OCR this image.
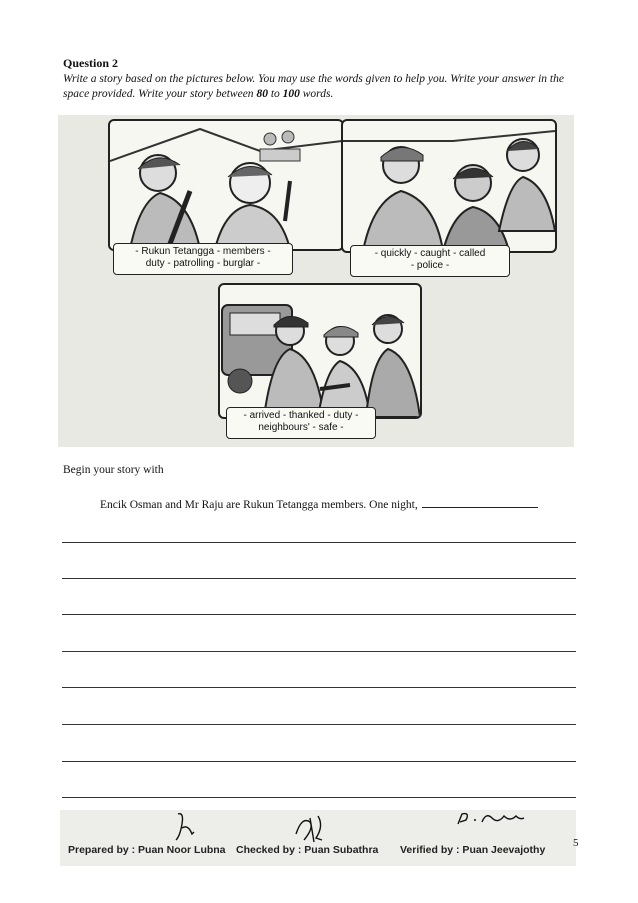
Question 2
Write a story based on the pictures below. You may use the words given to help you. Write your answer in the space provided. Write your story between 80 to 100 words.
- Rukun Tetangga - members -
duty - patrolling - burglar -
- quickly - caught - called
- police -
- arrived - thanked - duty -
neighbours' - safe -
Begin your story with
Encik Osman and Mr Raju are Rukun Tetangga members. One night,
Prepared by : Puan Noor Lubna Checked by : Puan Subathra Verified by : Puan Jeevajothy
5
